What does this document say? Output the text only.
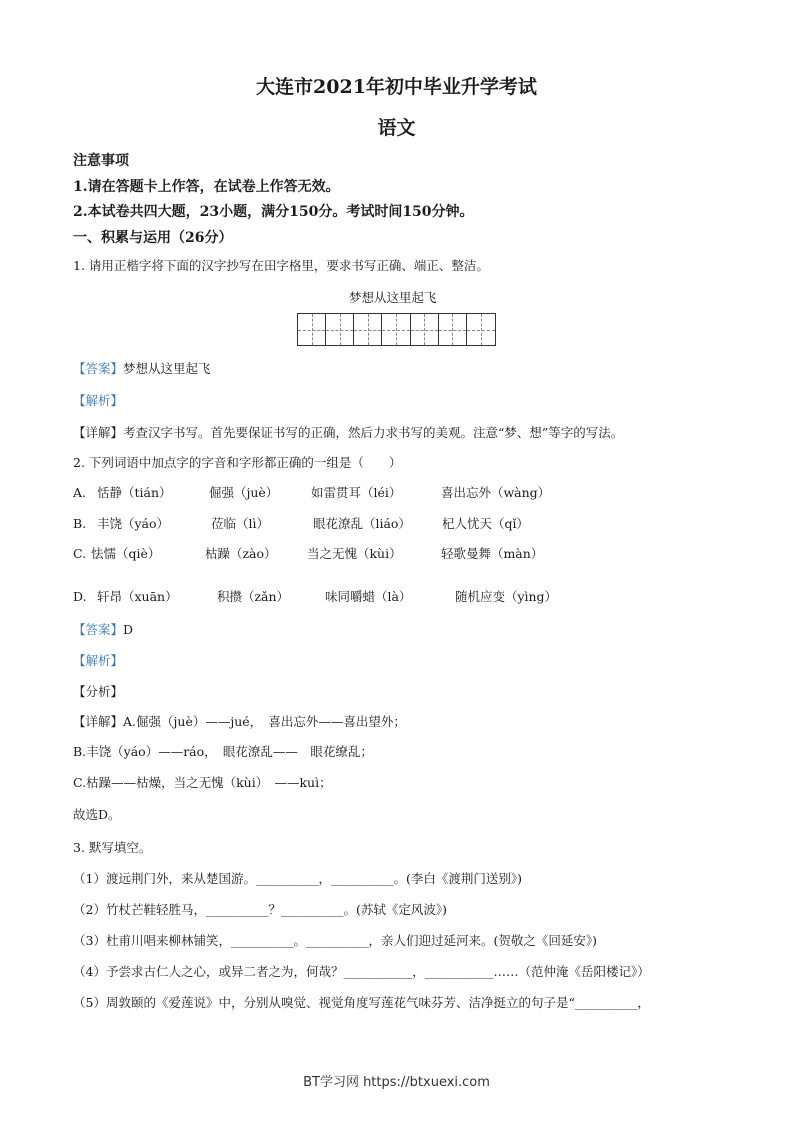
大连市2021年初中毕业升学考试
语文
注意事项
1.请在答题卡上作答，在试卷上作答无效。
2.本试卷共四大题，23小题，满分150分。考试时间150分钟。
一、积累与运用（26分）
1. 请用正楷字将下面的汉字抄写在田字格里，要求书写正确、端正、整洁。
梦想从这里起飞
【答案】梦想从这里起飞
【解析】
【详解】考查汉字书写。首先要保证书写的正确，然后力求书写的美观。注意“梦、想”等字的写法。
2. 下列词语中加点字的字音和字形都正确的一组是（　　）
A. 恬静（tián）	倔强（juè）	如雷贯耳（léi）	喜出忘外（wàng）
B. 丰饶（yáo）	莅临（lì）	眼花潦乱（liáo） 杞人忧天（qǐ）
C. 怯懦（qiè）	枯躁（zào） 当之无愧（kùi）	轻歌曼舞（màn）
D. 轩昂（xuān）	积攒（zǎn）	味同嚼蜡（là）	随机应变（yìng）
【答案】D
【解析】
【分析】
【详解】A.倔强（juè）——jué，　喜出忘外——喜出望外；
B.丰饶（yáo）——ráo，　眼花潦乱——　眼花缭乱；
C.枯躁——枯燥，当之无愧（kùi）　——kuì；
故选D。
3. 默写填空。
（1）渡远荆门外，来从楚国游。__________，__________。(李白《渡荆门送别》)
（2）竹杖芒鞋轻胜马，__________？__________。(苏轼《定风波》)
（3）杜甫川唱来柳林铺笑，__________。__________，亲人们迎过延河来。(贺敬之《回延安》)
（4）予尝求古仁人之心，或异二者之为，何哉？___________，___________……（范仲淹《岳阳楼记》）
（5）周敦颐的《爱莲说》中，分别从嗅觉、视觉角度写莲花气味芬芳、洁净挺立的句子是“__________，
BT学习网 https://btxuexi.com
